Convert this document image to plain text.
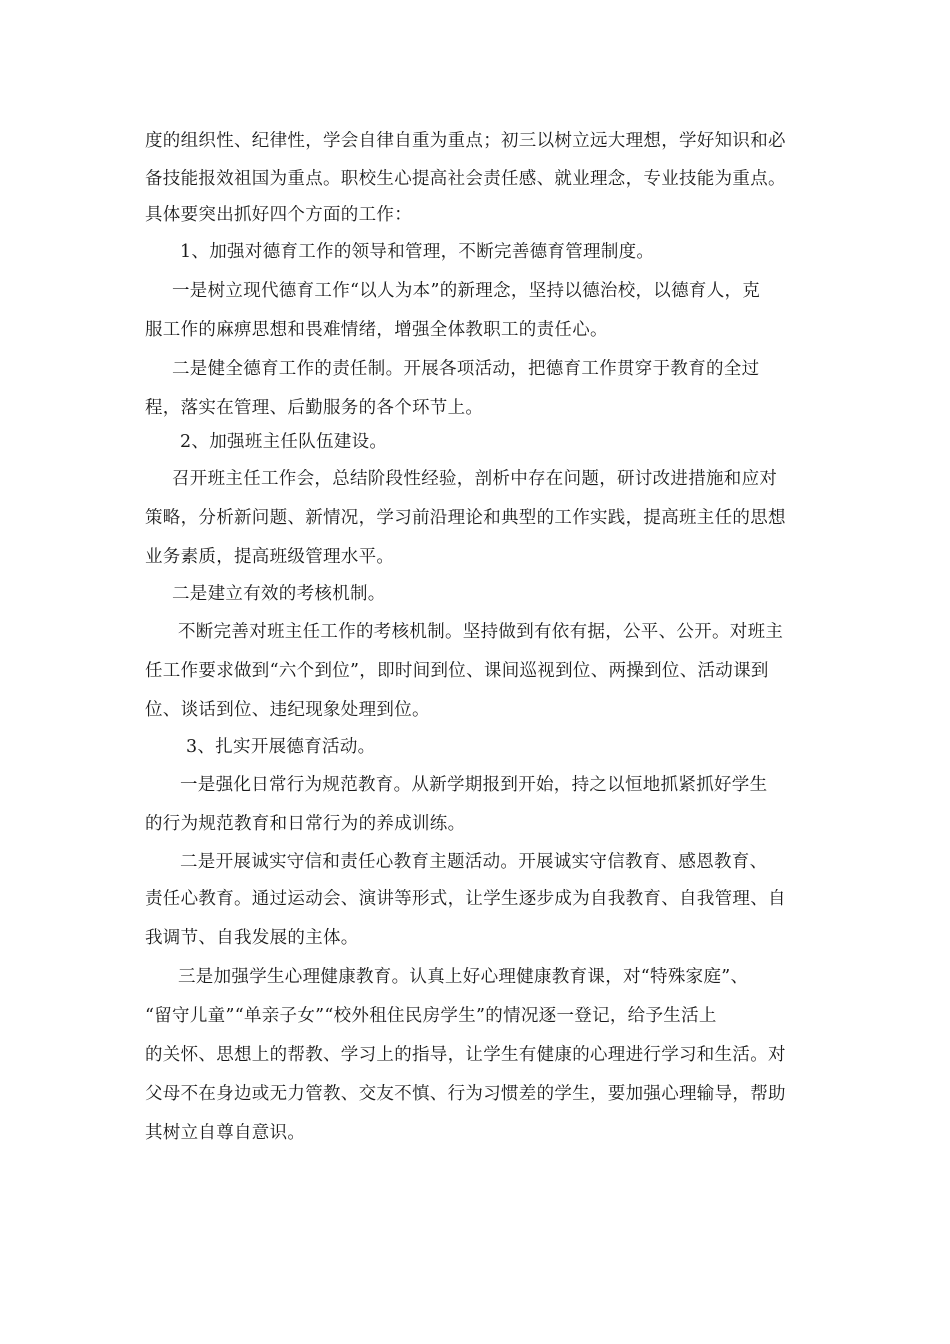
度的组织性、纪律性，学会自律自重为重点；初三以树立远大理想，学好知识和必
备技能报效祖国为重点。职校生心提高社会责任感、就业理念，专业技能为重点。
具体要突出抓好四个方面的工作：
1、加强对德育工作的领导和管理，不断完善德育管理制度。
一是树立现代德育工作“以人为本”的新理念，坚持以德治校，以德育人，克
服工作的麻痹思想和畏难情绪，增强全体教职工的责任心。
二是健全德育工作的责任制。开展各项活动，把德育工作贯穿于教育的全过
程，落实在管理、后勤服务的各个环节上。
2、加强班主任队伍建设。
召开班主任工作会，总结阶段性经验，剖析中存在问题，研讨改进措施和应对
策略，分析新问题、新情况，学习前沿理论和典型的工作实践，提高班主任的思想
业务素质，提高班级管理水平。
二是建立有效的考核机制。
不断完善对班主任工作的考核机制。坚持做到有依有据，公平、公开。对班主
任工作要求做到“六个到位”，即时间到位、课间巡视到位、两操到位、活动课到
位、谈话到位、违纪现象处理到位。
3、扎实开展德育活动。
一是强化日常行为规范教育。从新学期报到开始，持之以恒地抓紧抓好学生
的行为规范教育和日常行为的养成训练。
二是开展诚实守信和责任心教育主题活动。开展诚实守信教育、感恩教育、
责任心教育。通过运动会、演讲等形式，让学生逐步成为自我教育、自我管理、自
我调节、自我发展的主体。
三是加强学生心理健康教育。认真上好心理健康教育课，对“特殊家庭”、
“留守儿童”“单亲子女”“校外租住民房学生”的情况逐一登记，给予生活上
的关怀、思想上的帮教、学习上的指导，让学生有健康的心理进行学习和生活。对
父母不在身边或无力管教、交友不慎、行为习惯差的学生，要加强心理输导，帮助
其树立自尊自意识。
